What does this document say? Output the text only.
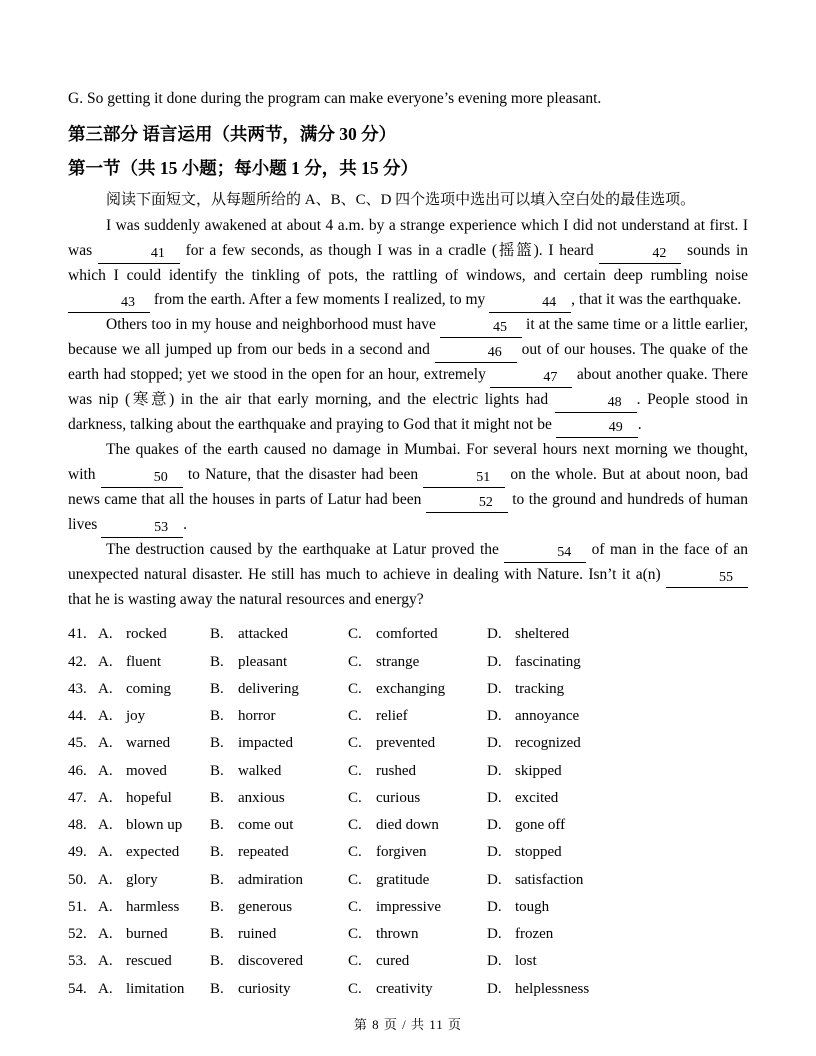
G. So getting it done during the program can make everyone’s evening more pleasant.

第三部分 语言运用（共两节，满分 30 分）
第一节（共 15 小题；每小题 1 分，共 15 分）

阅读下面短文，从每题所给的 A、B、C、D 四个选项中选出可以填入空白处的最佳选项。

I was suddenly awakened at about 4 a.m. by a strange experience which I did not understand at first. I was	41 for a few seconds, as though I was in a cradle (摇篮). I heard	42 sounds in which I could identify the tinkling of pots, the rattling of windows, and certain deep rumbling noise 43 from the earth. After a few moments I realized, to my	44 , that it was the earthquake.

Others too in my house and neighborhood must have	45 it at the same time or a little earlier, because we all jumped up from our beds in a second and	46 out of our houses. The quake of the earth had stopped; yet we stood in the open for an hour, extremely	47 about another quake. There was nip (寒意) in the air that early morning, and the electric lights had	48 . People stood in darkness, talking about the earthquake and praying to God that it might not be	49 .

The quakes of the earth caused no damage in Mumbai. For several hours next morning we thought, with	50 to Nature, that the disaster had been	51 on the whole. But at about noon, bad news came that all the houses in parts of Latur had been	52 to the ground and hundreds of human lives	53 .

The destruction caused by the earthquake at Latur proved the	54 of man in the face of an unexpected natural disaster. He still has much to achieve in dealing with Nature. Isn’t it a(n)	55 that he is wasting away the natural resources and energy?

41. A. rocked	B. attacked	C. comforted	D. sheltered
42. A. fluent	B. pleasant	C. strange	D. fascinating
43. A. coming	B. delivering	C. exchanging	D. tracking
44. A. joy	B. horror	C. relief	D. annoyance
45. A. warned	B. impacted	C. prevented	D. recognized
46. A. moved	B. walked	C. rushed	D. skipped
47. A. hopeful	B. anxious	C. curious	D. excited
48. A. blown up	B. come out	C. died down	D. gone off
49. A. expected	B. repeated	C. forgiven	D. stopped
50. A. glory	B. admiration	C. gratitude	D. satisfaction
51. A. harmless	B. generous	C. impressive	D. tough
52. A. burned	B. ruined	C. thrown	D. frozen
53. A. rescued	B. discovered	C. cured	D. lost
54. A. limitation	B. curiosity	C. creativity	D. helplessness
第 8 页 / 共 11 页
